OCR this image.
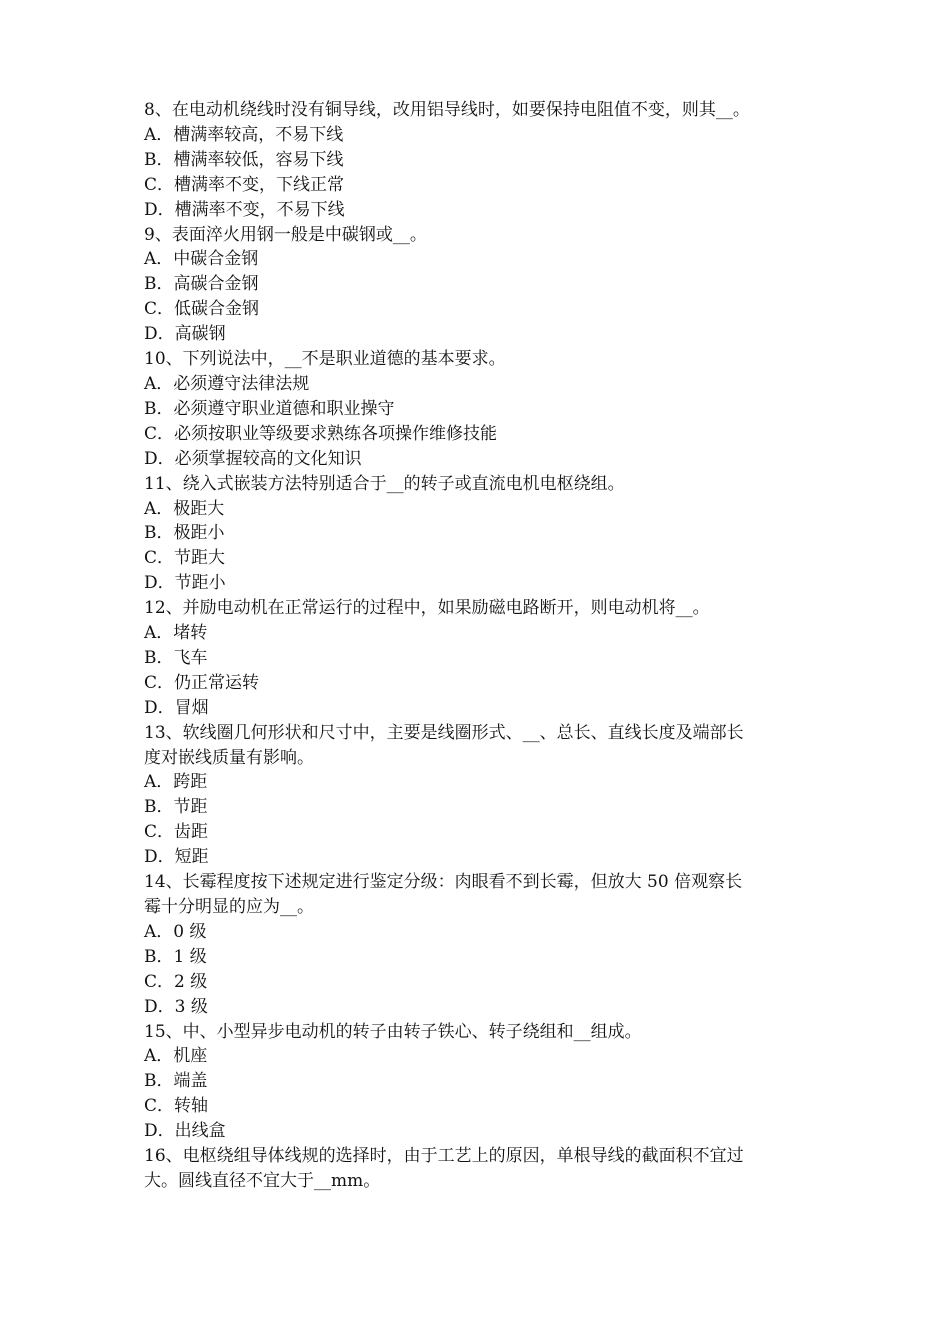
8、在电动机绕线时没有铜导线，改用铝导线时，如要保持电阻值不变，则其__。
A．槽满率较高，不易下线
B．槽满率较低，容易下线
C．槽满率不变，下线正常
D．槽满率不变，不易下线
9、表面淬火用钢一般是中碳钢或__。
A．中碳合金钢
B．高碳合金钢
C．低碳合金钢
D．高碳钢
10、下列说法中，__不是职业道德的基本要求。
A．必须遵守法律法规
B．必须遵守职业道德和职业操守
C．必须按职业等级要求熟练各项操作维修技能
D．必须掌握较高的文化知识
11、绕入式嵌装方法特别适合于__的转子或直流电机电枢绕组。
A．极距大
B．极距小
C．节距大
D．节距小
12、并励电动机在正常运行的过程中，如果励磁电路断开，则电动机将__。
A．堵转
B．飞车
C．仍正常运转
D．冒烟
13、软线圈几何形状和尺寸中，主要是线圈形式、__、总长、直线长度及端部长
度对嵌线质量有影响。
A．跨距
B．节距
C．齿距
D．短距
14、长霉程度按下述规定进行鉴定分级：肉眼看不到长霉，但放大 50 倍观察长
霉十分明显的应为__。
A．0 级
B．1 级
C．2 级
D．3 级
15、中、小型异步电动机的转子由转子铁心、转子绕组和__组成。
A．机座
B．端盖
C．转轴
D．出线盒
16、电枢绕组导体线规的选择时，由于工艺上的原因，单根导线的截面积不宜过
大。圆线直径不宜大于__mm。
